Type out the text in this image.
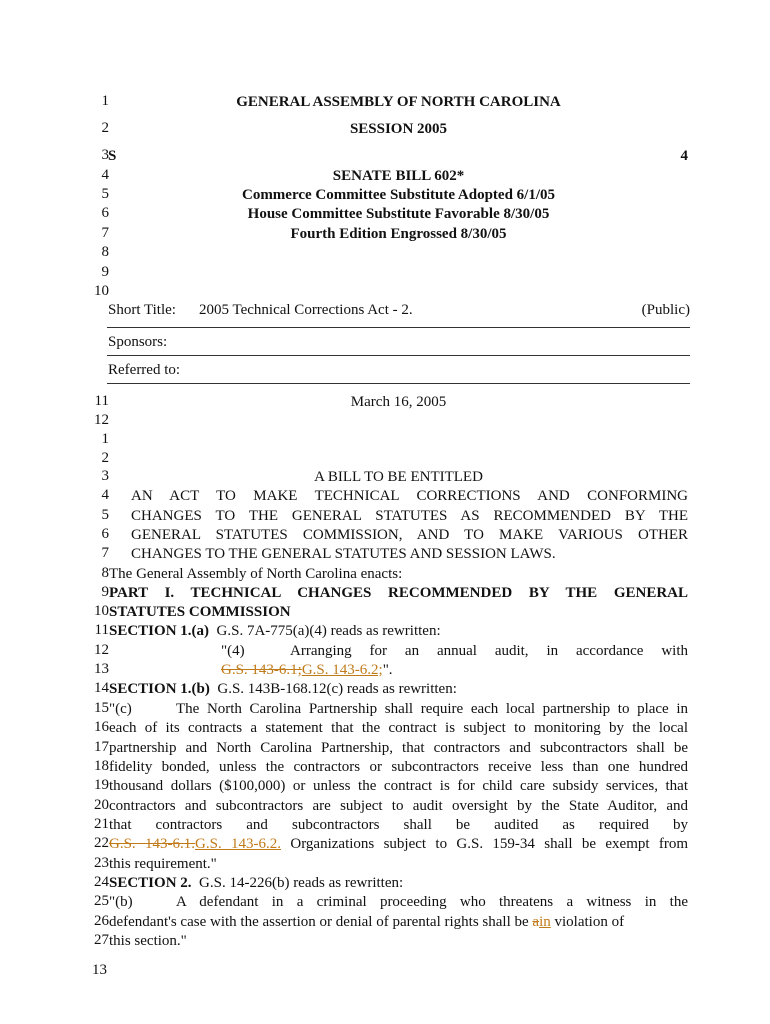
1	GENERAL ASSEMBLY OF NORTH CAROLINA
2	SESSION 2005
3 S	4
4	SENATE BILL 602*
5	Commerce Committee Substitute Adopted 6/1/05
6	House Committee Substitute Favorable 8/30/05
7	Fourth Edition Engrossed 8/30/05
8
9
10
Short Title: 2005 Technical Corrections Act - 2.	(Public)
Sponsors:
Referred to:
11	March 16, 2005
12
1
2
3	A BILL TO BE ENTITLED
4 AN ACT TO MAKE TECHNICAL CORRECTIONS AND CONFORMING
5 CHANGES TO THE GENERAL STATUTES AS RECOMMENDED BY THE
6 GENERAL STATUTES COMMISSION, AND TO MAKE VARIOUS OTHER
7 CHANGES TO THE GENERAL STATUTES AND SESSION LAWS.
8 The General Assembly of North Carolina enacts:
9 PART I. TECHNICAL CHANGES RECOMMENDED BY THE GENERAL
10 STATUTES COMMISSION
11 SECTION 1.(a) G.S. 7A-775(a)(4) reads as rewritten:
12	"(4)	Arranging for an annual audit, in accordance with
13	G.S. 143-6.1;G.S. 143-6.2;".
14 SECTION 1.(b) G.S. 143B-168.12(c) reads as rewritten:
15 "(c)	The North Carolina Partnership shall require each local partnership to place in
16 each of its contracts a statement that the contract is subject to monitoring by the local
17 partnership and North Carolina Partnership, that contractors and subcontractors shall be
18 fidelity bonded, unless the contractors or subcontractors receive less than one hundred
19 thousand dollars ($100,000) or unless the contract is for child care subsidy services, that
20 contractors and subcontractors are subject to audit oversight by the State Auditor, and
21 that contractors and subcontractors shall be audited as required by
22 G.S. 143-6.1.G.S. 143-6.2. Organizations subject to G.S. 159-34 shall be exempt from
23 this requirement."
24 SECTION 2. G.S. 14-226(b) reads as rewritten:
25 "(b)	A defendant in a criminal proceeding who threatens a witness in the
26 defendant's case with the assertion or denial of parental rights shall be ain violation of
27 this section."
13
